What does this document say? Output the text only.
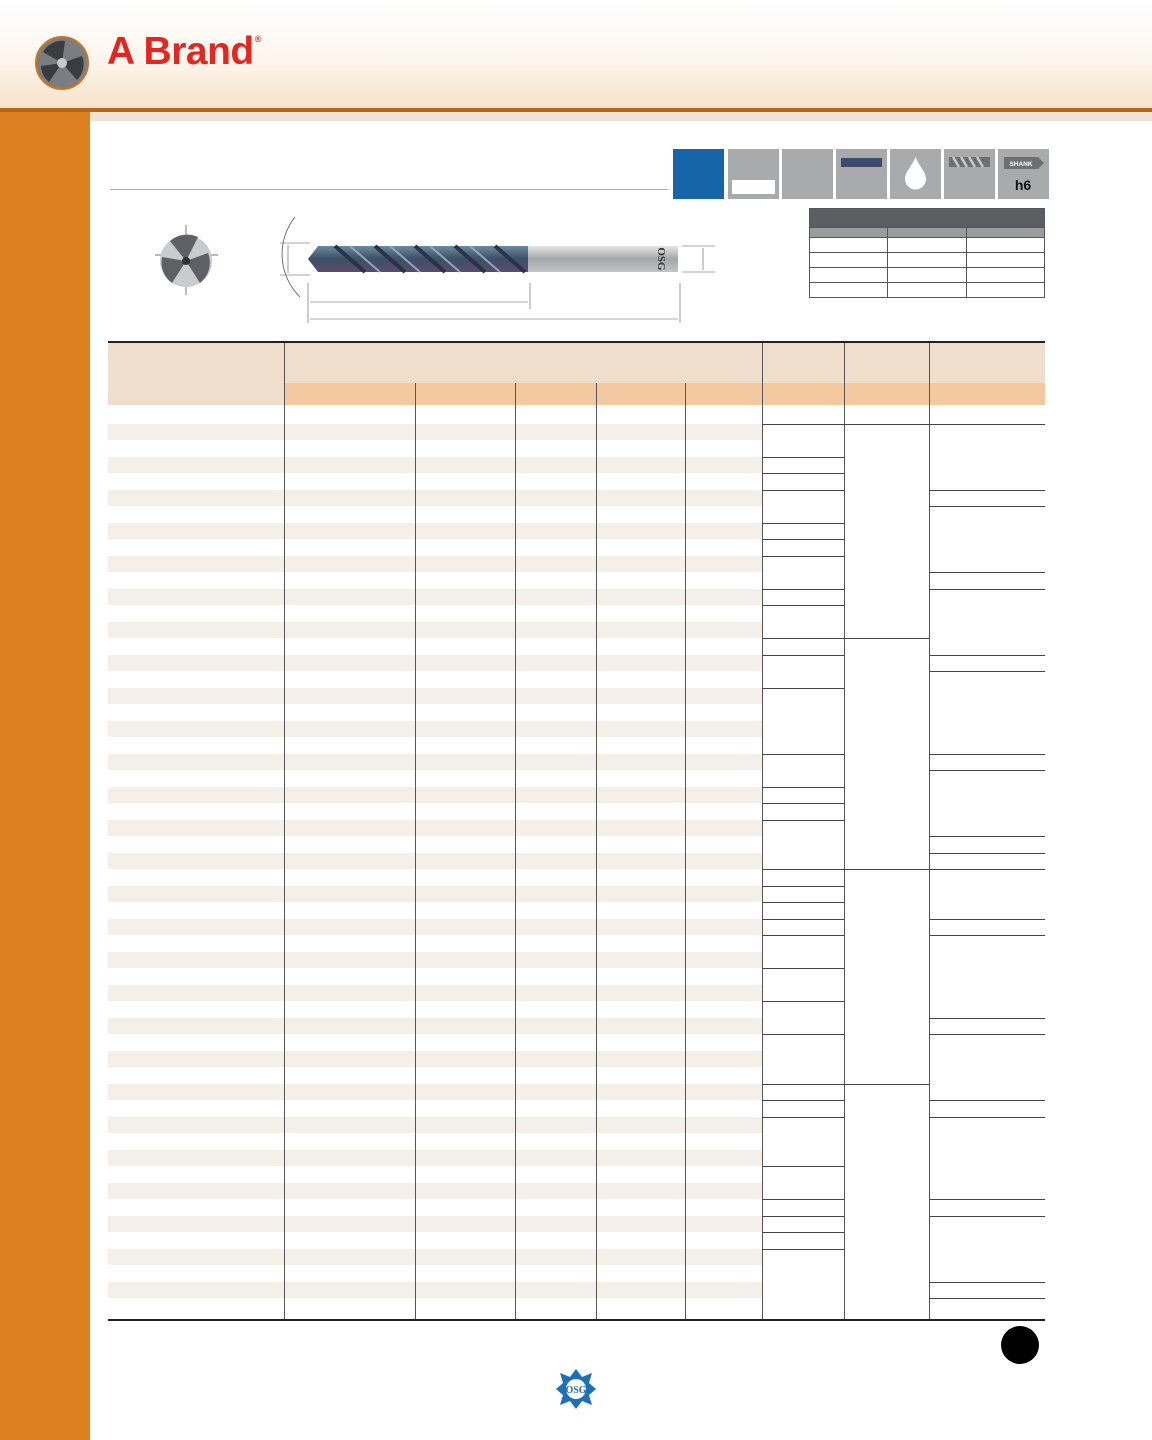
A Brand®
SHANK
h6

OSG
OSG
